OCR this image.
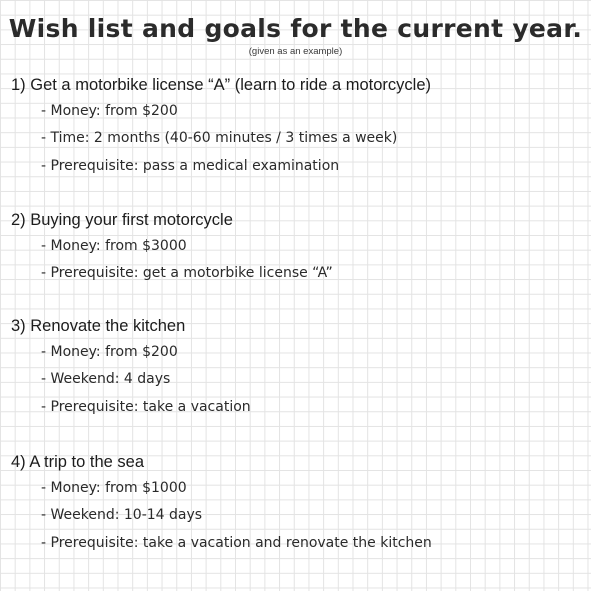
Wish list and goals for the current year.
(given as an example)
1) Get a motorbike license “A” (learn to ride a motorcycle)
- Money: from $200
- Time: 2 months (40-60 minutes / 3 times a week)
- Prerequisite: pass a medical examination
2) Buying your first motorcycle
- Money: from $3000
- Prerequisite: get a motorbike license “A”
3) Renovate the kitchen
- Money: from $200
- Weekend: 4 days
- Prerequisite: take a vacation
4) A trip to the sea
- Money: from $1000
- Weekend: 10-14 days
- Prerequisite: take a vacation and renovate the kitchen
